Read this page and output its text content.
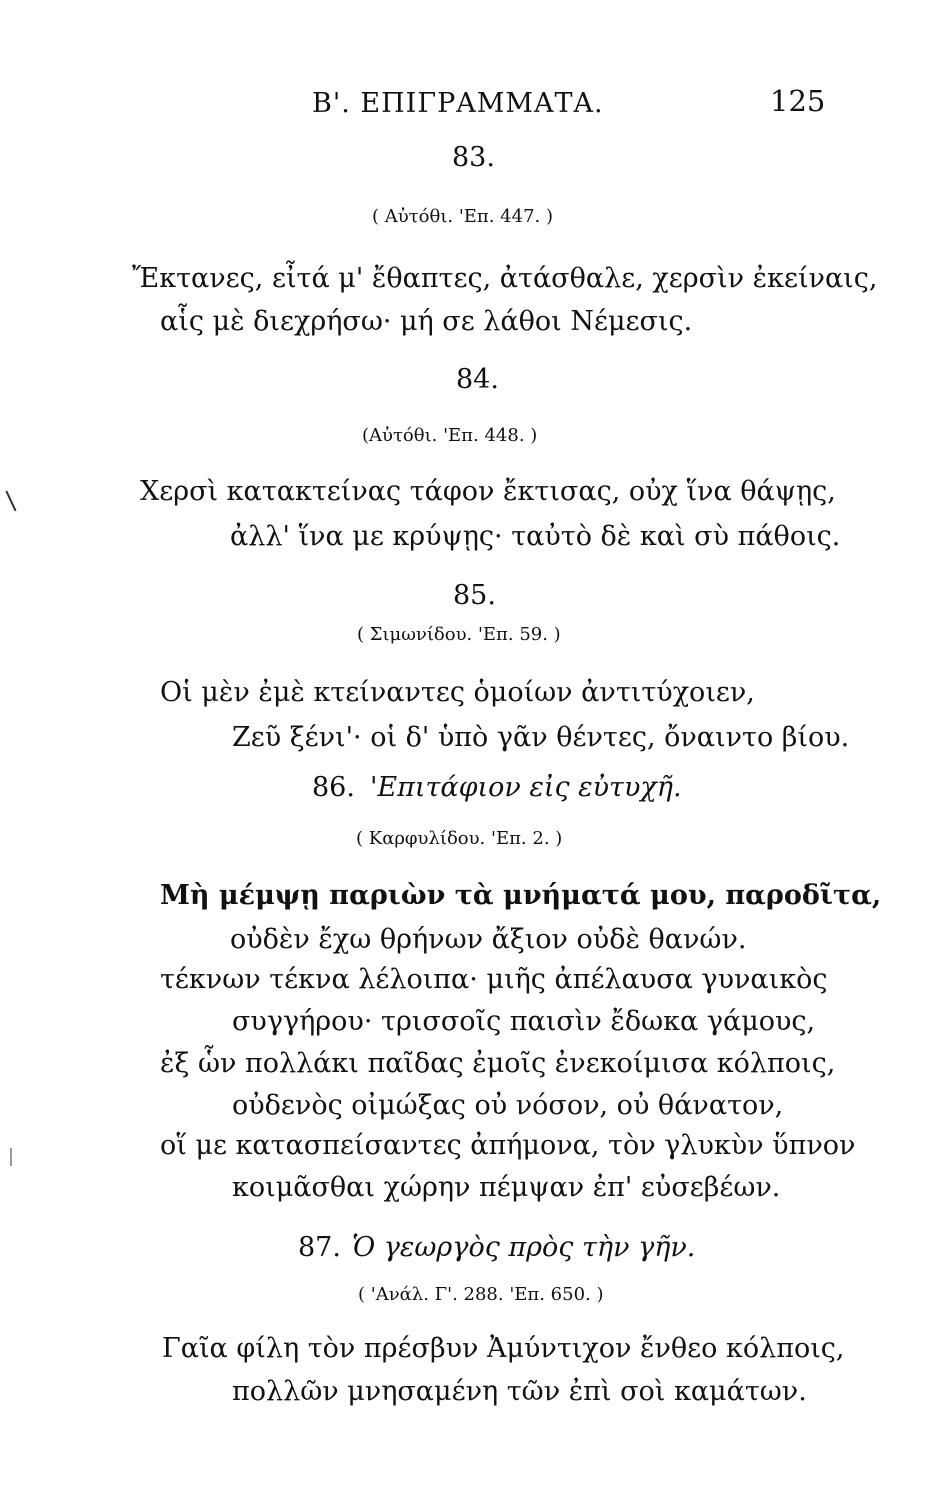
Β'. ΕΠΙΓΡΑΜΜΑΤΑ.	125
83.
( Αὐτόθι. 'Επ. 447. )
Ἔκτανες, εἶτά μ' ἔθαπτες, ἀτάσθαλε, χερσὶν ἐκείναις,
αἷς μὲ διεχρήσω· μή σε λάθοι Νέμεσις.
84.
(Αὐτόθι. 'Επ. 448. )
Χερσὶ κατακτείνας τάφον ἔκτισας, οὐχ ἵνα θάψῃς,
ἀλλ' ἵνα με κρύψῃς· ταὐτὸ δὲ καὶ σὺ πάθοις.
85.
( Σιμωνίδου. 'Επ. 59. )
Οἱ μὲν ἐμὲ κτείναντες ὁμοίων ἀντιτύχοιεν,
Ζεῦ ξένι'· οἱ δ' ὑπὸ γᾶν θέντες, ὄναιντο βίου.
86. 'Επιτάφιον εἰς εὐτυχῆ.
( Καρφυλίδου. 'Επ. 2. )
Μὴ μέμψῃ παριὼν τὰ μνήματά μου, παροδῖτα,
οὐδὲν ἔχω θρήνων ἄξιον οὐδὲ θανών.
τέκνων τέκνα λέλοιπα· μιῆς ἀπέλαυσα γυναικὸς
συγγήρου· τρισσοῖς παισὶν ἔδωκα γάμους,
ἐξ ὧν πολλάκι παῖδας ἐμοῖς ἐνεκοίμισα κόλποις,
οὐδενὸς οἰμώξας οὐ νόσον, οὐ θάνατον,
οἵ με κατασπείσαντες ἀπήμονα, τὸν γλυκὺν ὕπνον
κοιμᾶσθαι χώρην πέμψαν ἐπ' εὐσεβέων.
87. Ὁ γεωργὸς πρὸς τὴν γῆν.
( 'Ανάλ. Γ'. 288. 'Επ. 650. )
Γαῖα φίλη τὸν πρέσβυν Ἀμύντιχον ἔνθεο κόλποις,
πολλῶν μνησαμένη τῶν ἐπὶ σοὶ καμάτων.
